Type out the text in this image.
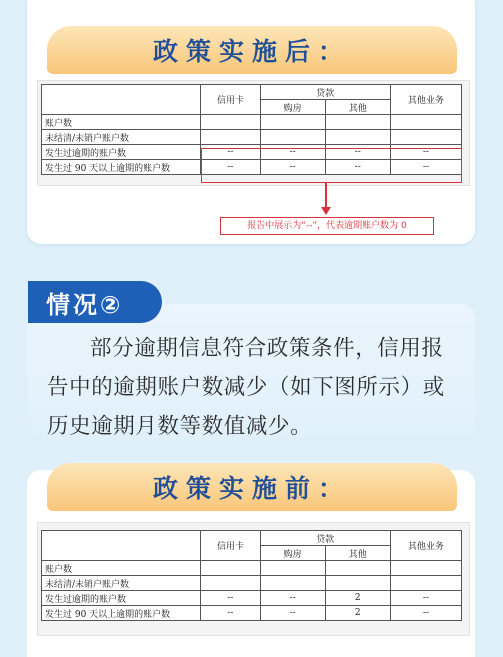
政策实施后：
	信用卡	贷款		其他业务
		购房	其他	
账户数				
未结清/未销户账户数				
发生过逾期的账户数	--	--	--	--
发生过 90 天以上逾期的账户数	--	--	--	--
报告中展示为“--”，代表逾期账户数为 0
情况②
部分逾期信息符合政策条件，信用报告中的逾期账户数减少（如下图所示）或历史逾期月数等数值减少。
政策实施前：
	信用卡	贷款		其他业务
		购房	其他	
账户数				
未结清/未销户账户数				
发生过逾期的账户数	--	--	2	--
发生过 90 天以上逾期的账户数	--	--	2	--
